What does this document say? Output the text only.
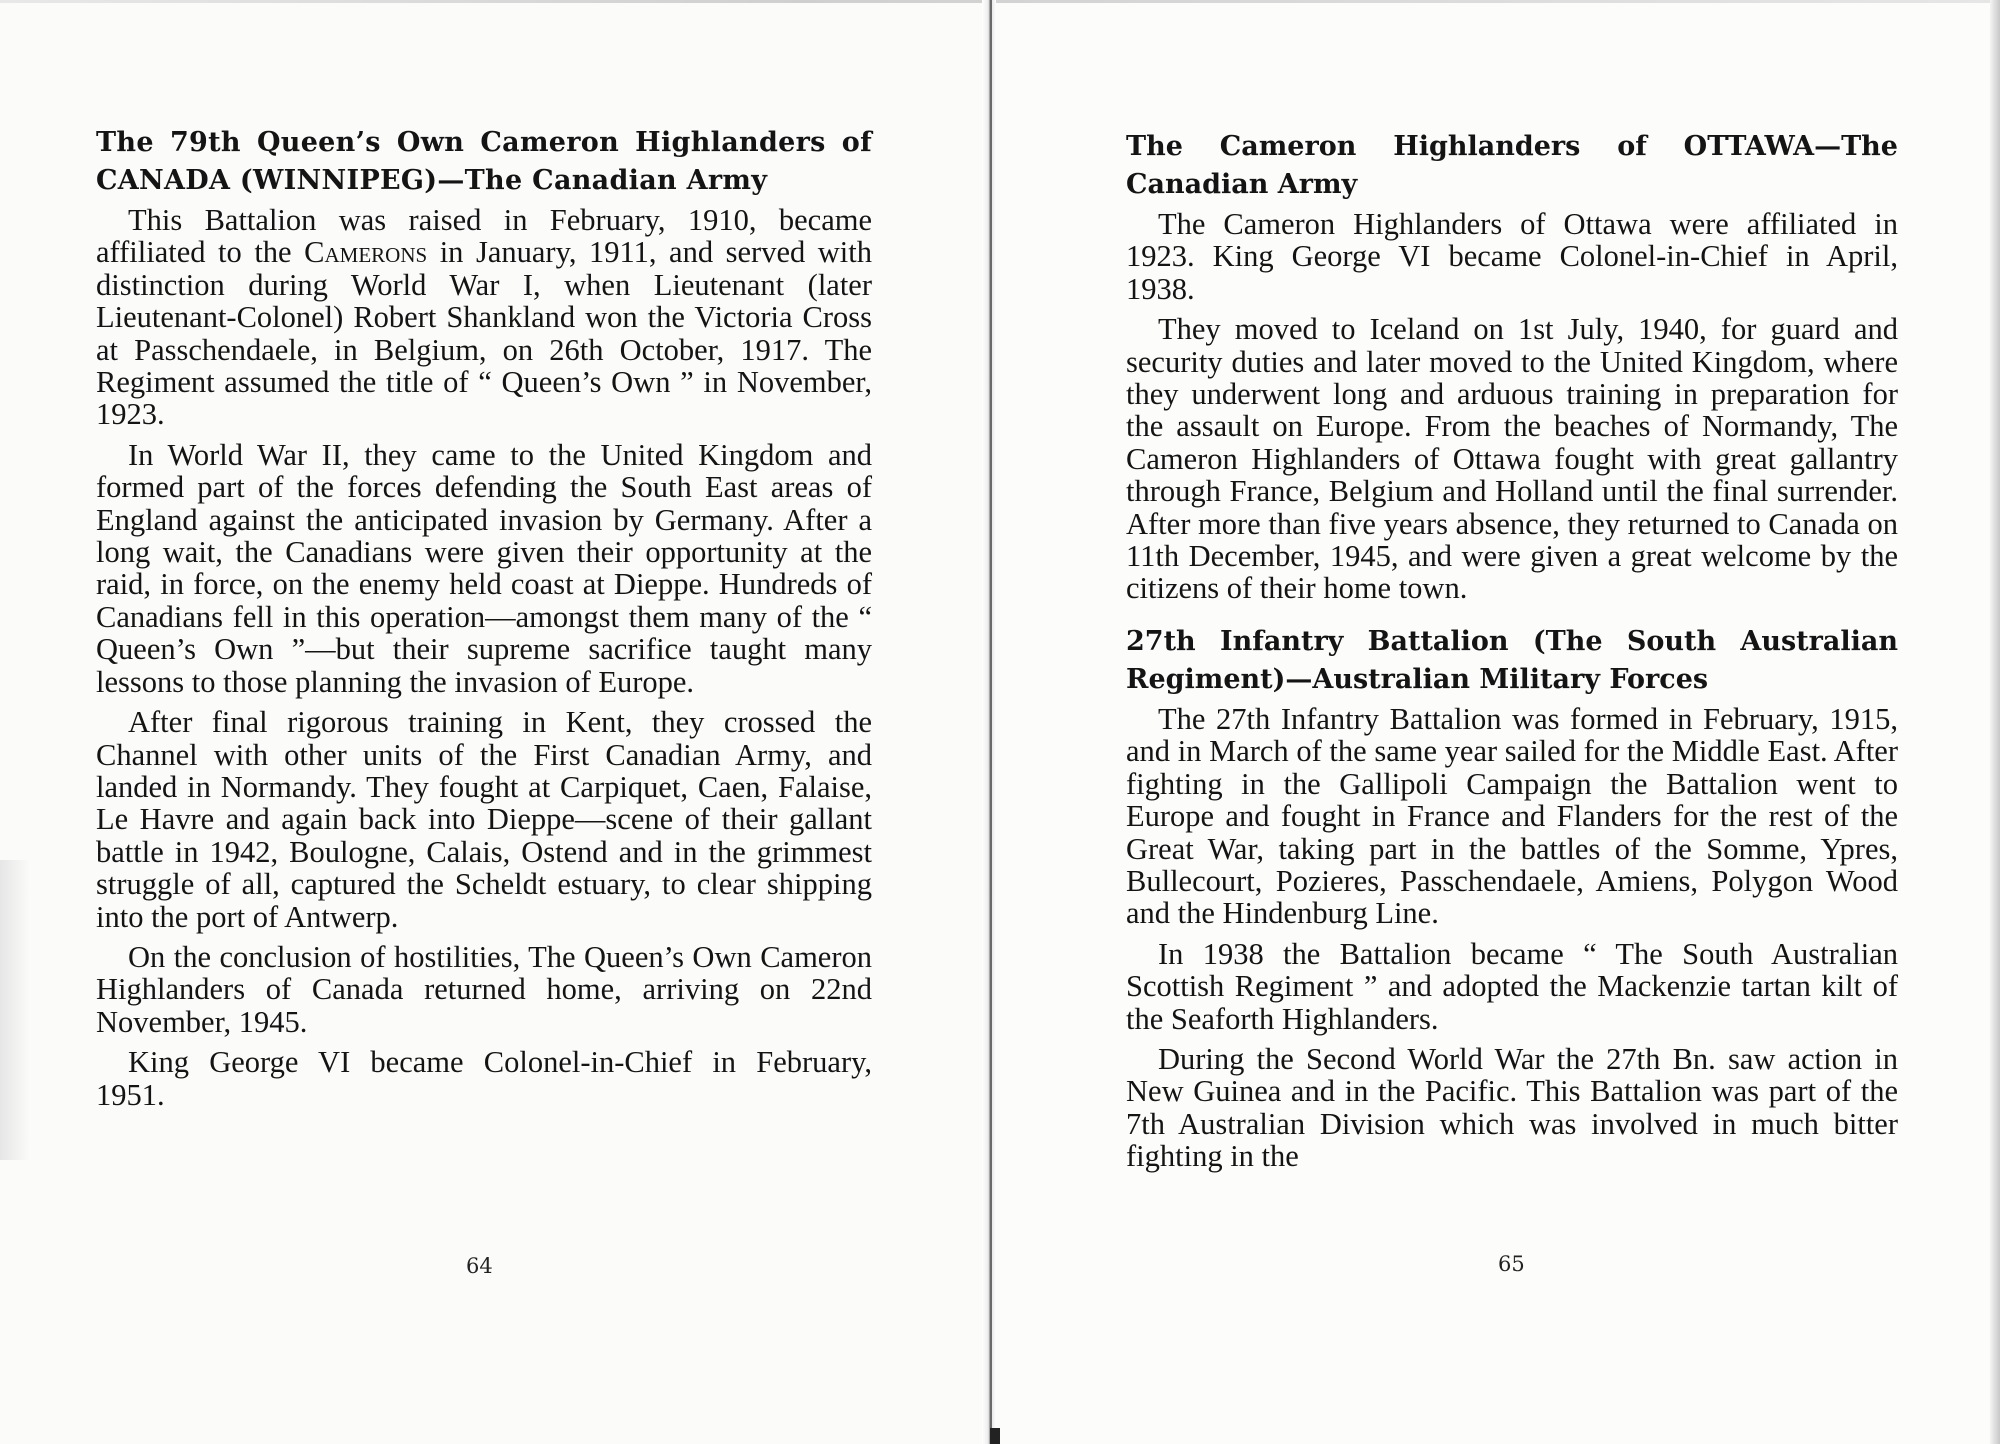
The 79th Queen’s Own Cameron Highlanders of CANADA (WINNIPEG)—The Canadian Army

This Battalion was raised in February, 1910, became affiliated to the Camerons in January, 1911, and served with distinction during World War I, when Lieutenant (later Lieutenant-Colonel) Robert Shankland won the Victoria Cross at Passchendaele, in Belgium, on 26th October, 1917. The Regiment assumed the title of “ Queen’s Own ” in November, 1923.

In World War II, they came to the United Kingdom and formed part of the forces defending the South East areas of England against the anticipated invasion by Germany. After a long wait, the Canadians were given their opportunity at the raid, in force, on the enemy held coast at Dieppe. Hundreds of Canadians fell in this operation—amongst them many of the “ Queen’s Own ”—but their supreme sacrifice taught many lessons to those planning the invasion of Europe.

After final rigorous training in Kent, they crossed the Channel with other units of the First Canadian Army, and landed in Normandy. They fought at Carpiquet, Caen, Falaise, Le Havre and again back into Dieppe—scene of their gallant battle in 1942, Boulogne, Calais, Ostend and in the grimmest struggle of all, captured the Scheldt estuary, to clear shipping into the port of Antwerp.

On the conclusion of hostilities, The Queen’s Own Cameron Highlanders of Canada returned home, arriving on 22nd November, 1945.

King George VI became Colonel-in-Chief in February, 1951.

64
The Cameron Highlanders of OTTAWA—The Canadian Army

The Cameron Highlanders of Ottawa were affiliated in 1923. King George VI became Colonel-in-Chief in April, 1938.

They moved to Iceland on 1st July, 1940, for guard and security duties and later moved to the United Kingdom, where they underwent long and arduous training in preparation for the assault on Europe. From the beaches of Normandy, The Cameron Highlanders of Ottawa fought with great gallantry through France, Belgium and Holland until the final surrender. After more than five years absence, they returned to Canada on 11th December, 1945, and were given a great welcome by the citizens of their home town.

27th Infantry Battalion (The South Australian Regiment)—Australian Military Forces

The 27th Infantry Battalion was formed in February, 1915, and in March of the same year sailed for the Middle East. After fighting in the Gallipoli Campaign the Battalion went to Europe and fought in France and Flanders for the rest of the Great War, taking part in the battles of the Somme, Ypres, Bullecourt, Pozieres, Passchendaele, Amiens, Polygon Wood and the Hindenburg Line.

In 1938 the Battalion became “ The South Australian Scottish Regiment ” and adopted the Mackenzie tartan kilt of the Seaforth Highlanders.

During the Second World War the 27th Bn. saw action in New Guinea and in the Pacific. This Battalion was part of the 7th Australian Division which was involved in much bitter fighting in the

65
